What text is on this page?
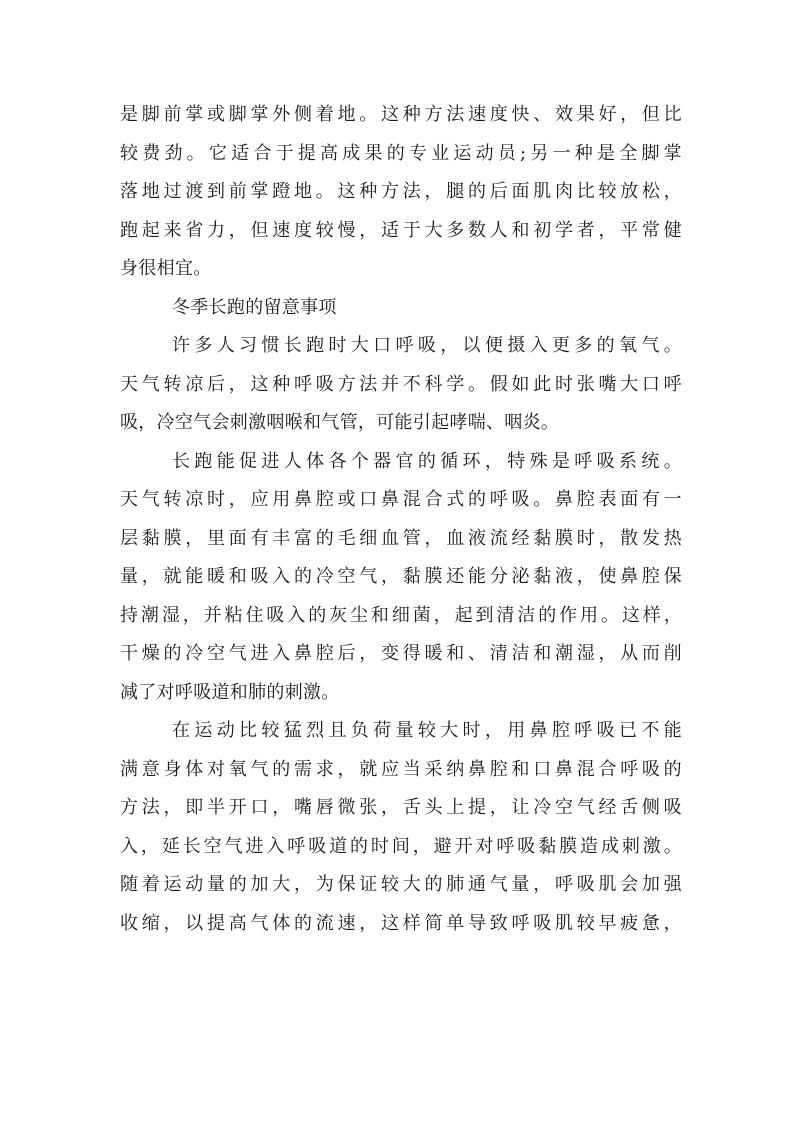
是脚前掌或脚掌外侧着地。这种方法速度快、效果好，但比
较费劲。它适合于提高成果的专业运动员;另一种是全脚掌
落地过渡到前掌蹬地。这种方法，腿的后面肌肉比较放松，
跑起来省力，但速度较慢，适于大多数人和初学者，平常健
身很相宜。
冬季长跑的留意事项
许多人习惯长跑时大口呼吸，以便摄入更多的氧气。
天气转凉后，这种呼吸方法并不科学。假如此时张嘴大口呼
吸，冷空气会刺激咽喉和气管，可能引起哮喘、咽炎。
长跑能促进人体各个器官的循环，特殊是呼吸系统。
天气转凉时，应用鼻腔或口鼻混合式的呼吸。鼻腔表面有一
层黏膜，里面有丰富的毛细血管，血液流经黏膜时，散发热
量，就能暖和吸入的冷空气，黏膜还能分泌黏液，使鼻腔保
持潮湿，并粘住吸入的灰尘和细菌，起到清洁的作用。这样，
干燥的冷空气进入鼻腔后，变得暖和、清洁和潮湿，从而削
减了对呼吸道和肺的刺激。
在运动比较猛烈且负荷量较大时，用鼻腔呼吸已不能
满意身体对氧气的需求，就应当采纳鼻腔和口鼻混合呼吸的
方法，即半开口，嘴唇微张，舌头上提，让冷空气经舌侧吸
入，延长空气进入呼吸道的时间，避开对呼吸黏膜造成刺激。
随着运动量的加大，为保证较大的肺通气量，呼吸肌会加强
收缩，以提高气体的流速，这样简单导致呼吸肌较早疲惫，
